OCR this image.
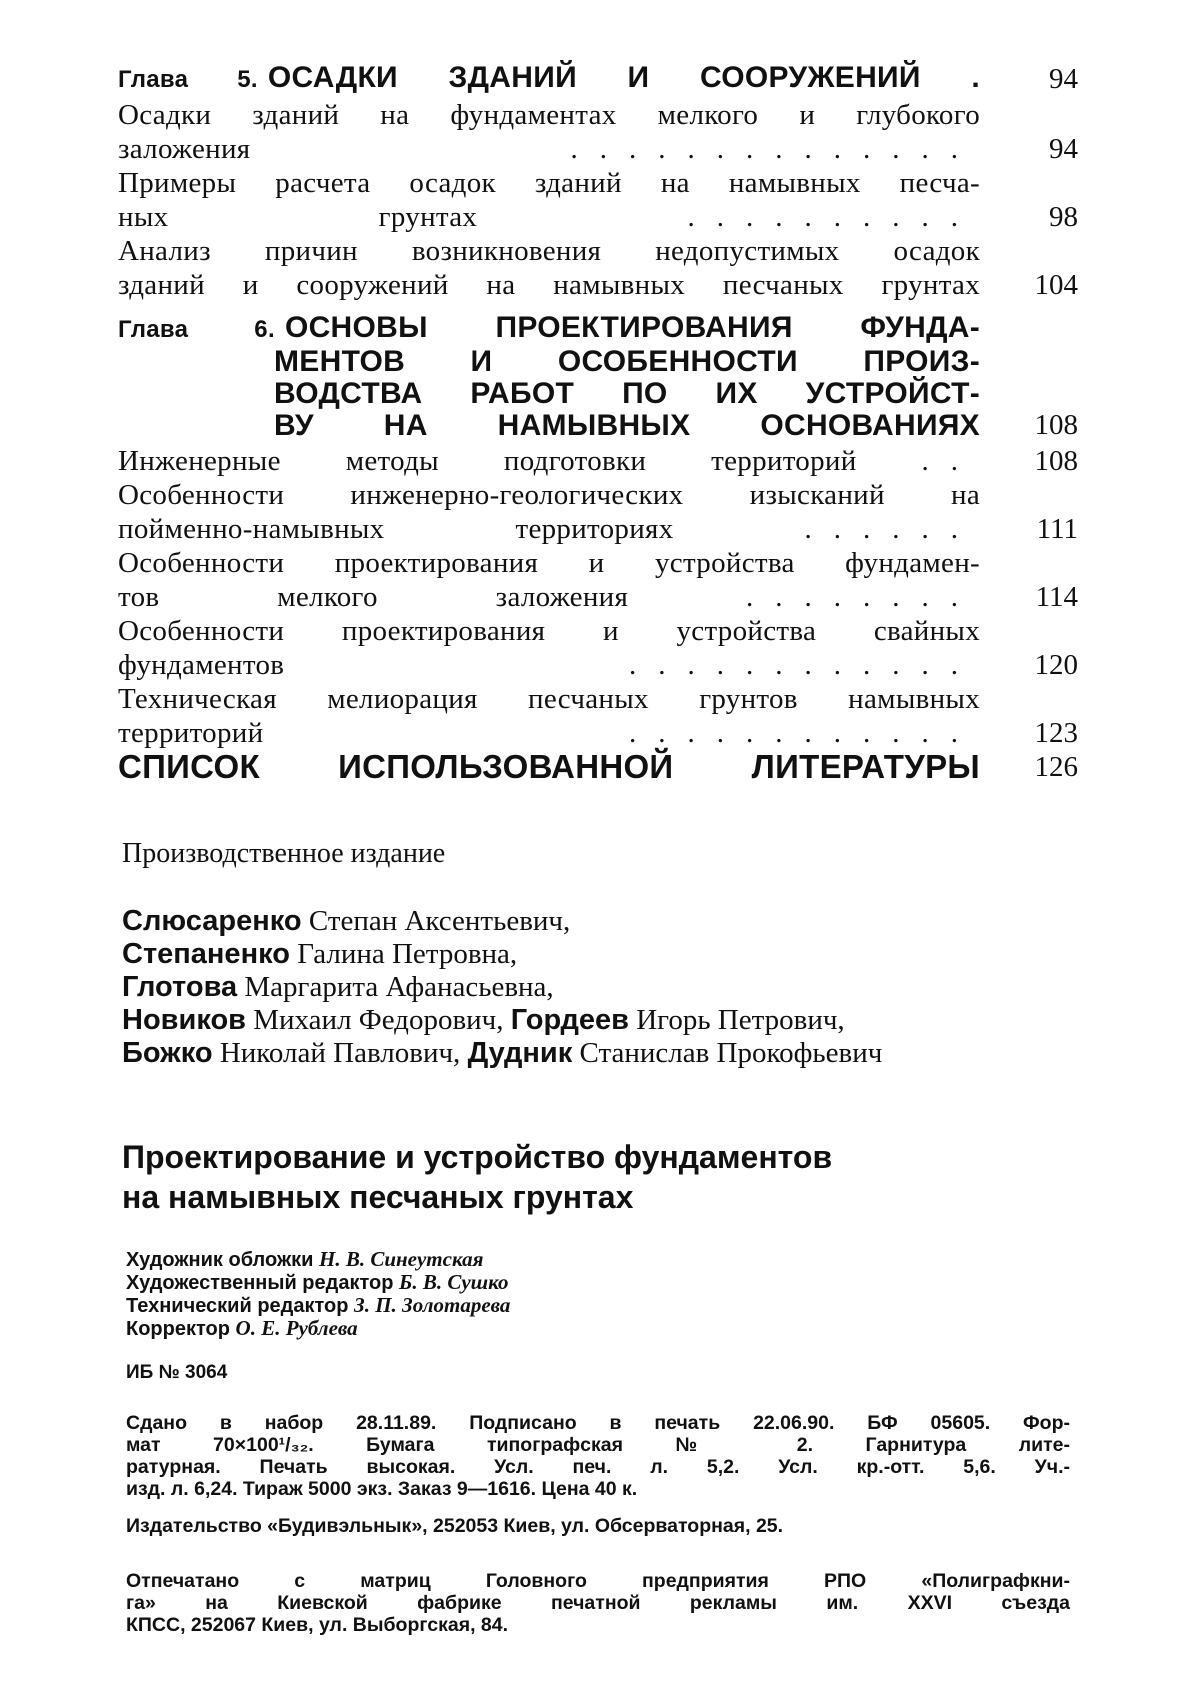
Глава 5. ОСАДКИ ЗДАНИЙ И СООРУЖЕНИЙ .	94
Осадки зданий на фундаментах мелкого и глубокого
заложения	..............	94
Примеры расчета осадок зданий на намывных песча-
ных грунтах	..........	98
Анализ причин возникновения недопустимых осадок
зданий и сооружений на намывных песчаных грунтах	104
Глава 6. ОСНОВЫ ПРОЕКТИРОВАНИЯ ФУНДА-
МЕНТОВ И ОСОБЕННОСТИ ПРОИЗ-
ВОДСТВА РАБОТ ПО ИХ УСТРОЙСТ-
ВУ НА НАМЫВНЫХ ОСНОВАНИЯХ	108
Инженерные методы подготовки территорий ..	108
Особенности инженерно-геологических изысканий на
пойменно-намывных территориях	......	111
Особенности проектирования и устройства фундамен-
тов мелкого заложения	........	114
Особенности проектирования и устройства свайных
фундаментов	............	120
Техническая мелиорация песчаных грунтов намывных
территорий	............	123
СПИСОК ИСПОЛЬЗОВАННОЙ ЛИТЕРАТУРЫ	126
Производственное издание
Слюсаренко Степан Аксентьевич,
Степаненко Галина Петровна,
Глотова Маргарита Афанасьевна,
Новиков Михаил Федорович, Гордеев Игорь Петрович,
Божко Николай Павлович, Дудник Станислав Прокофьевич
Проектирование и устройство фундаментов
на намывных песчаных грунтах
Художник обложки Н. В. Синеутская
Художественный редактор Б. В. Сушко
Технический редактор З. П. Золотарева
Корректор О. Е. Рублева
ИБ № 3064
Сдано в набор 28.11.89. Подписано в печать 22.06.90. БФ 05605. Фор-
мат 70×100¹/₃₂. Бумага типографская № 2. Гарнитура лите-
ратурная. Печать высокая. Усл. печ. л. 5,2. Усл. кр.-отт. 5,6. Уч.-
изд. л. 6,24. Тираж 5000 экз. Заказ 9—1616. Цена 40 к.
Издательство «Будивэльнык», 252053 Киев, ул. Обсерваторная, 25.
Отпечатано с матриц Головного предприятия РПО «Полиграфкни-
га» на Киевской фабрике печатной рекламы им. XXVI съезда
КПСС, 252067 Киев, ул. Выборгская, 84.
